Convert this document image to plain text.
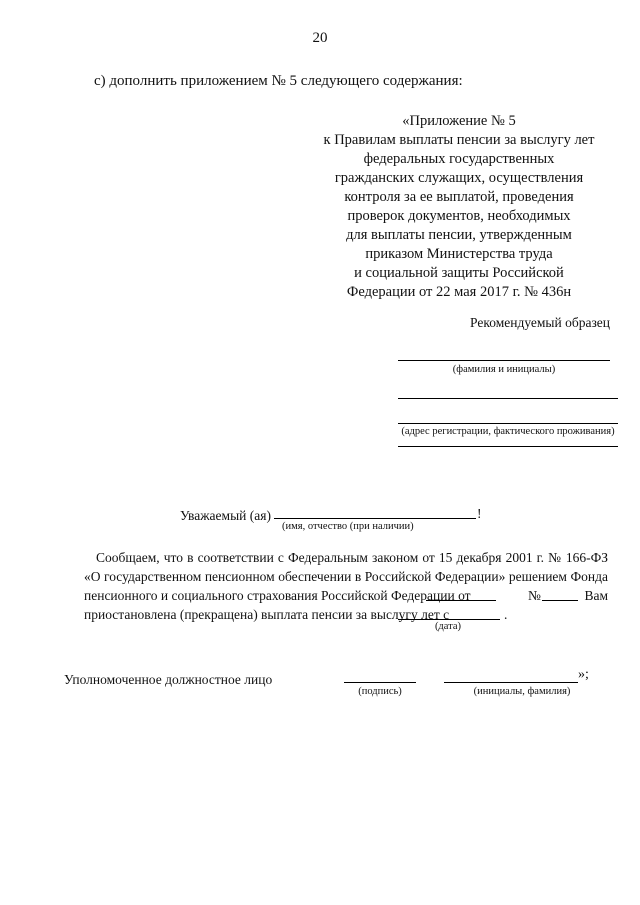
20
с) дополнить приложением № 5 следующего содержания:
«Приложение № 5
к Правилам выплаты пенсии за выслугу лет
федеральных государственных
гражданских служащих, осуществления
контроля за ее выплатой, проведения
проверок документов, необходимых
для выплаты пенсии, утвержденным
приказом Министерства труда
и социальной защиты Российской
Федерации от 22 мая 2017 г. № 436н
Рекомендуемый образец
(фамилия и инициалы)
(адрес регистрации, фактического проживания)
Уважаемый (ая)	!
(имя, отчество (при наличии)

Сообщаем, что в соответствии с Федеральным законом от 15 декабря 2001 г. № 166-ФЗ

«О государственном пенсионном обеспечении в Российской Федерации» решением Фонда

пенсионного и социального страхования Российской Федерации от	№	Вам
приостановлена (прекращена) выплата пенсии за выслугу лет с	.
(дата)
Уполномоченное должностное лицо
(подпись)
»;
(инициалы, фамилия)
